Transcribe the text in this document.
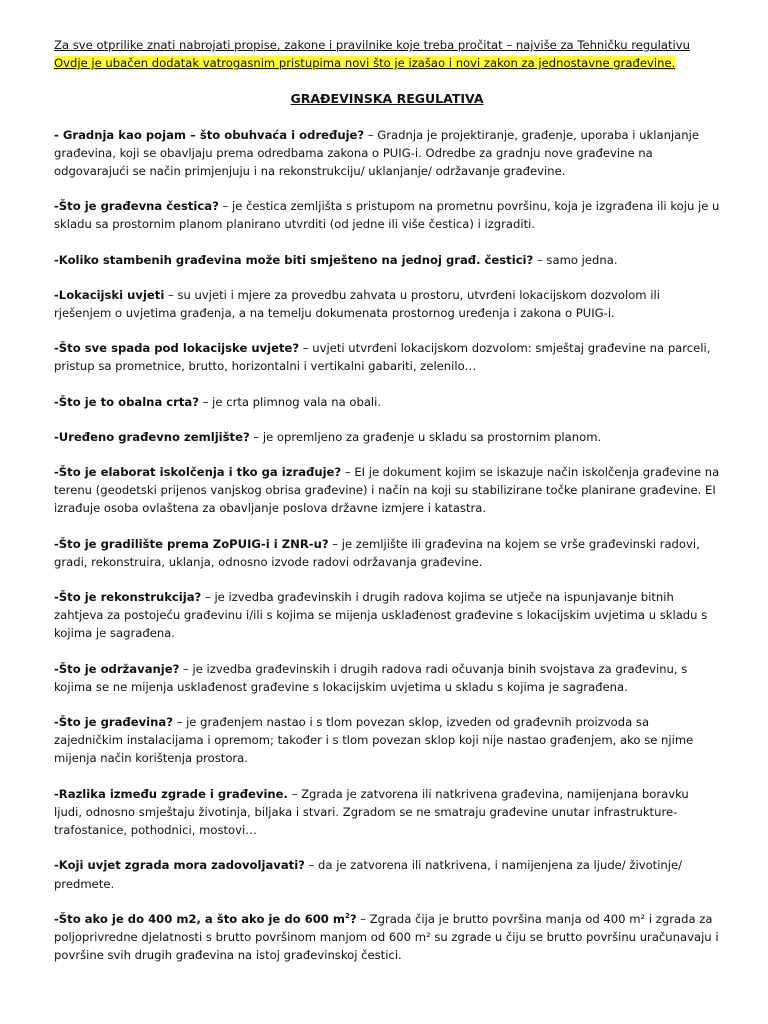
Za sve otprilike znati nabrojati propise, zakone i pravilnike koje treba pročitat – najviše za Tehničku regulativu
Ovdje je ubačen dodatak vatrogasnim pristupima novi što je izašao i novi zakon za jednostavne građevine.
GRAĐEVINSKA REGULATIVA

- Gradnja kao pojam – što obuhvaća i određuje? – Gradnja je projektiranje, građenje, uporaba i uklanjanje građevina, koji se obavljaju prema odredbama zakona o PUIG-i. Odredbe za gradnju nove građevine na odgovarajući se način primjenjuju i na rekonstrukciju/ uklanjanje/ održavanje građevine.

-Što je građevna čestica? – je čestica zemljišta s pristupom na prometnu površinu, koja je izgrađena ili koju je u skladu sa prostornim planom planirano utvrditi (od jedne ili više čestica) i izgraditi.

-Koliko stambenih građevina može biti smješteno na jednoj građ. čestici? – samo jedna.

-Lokacijski uvjeti – su uvjeti i mjere za provedbu zahvata u prostoru, utvrđeni lokacijskom dozvolom ili rješenjem o uvjetima građenja, a na temelju dokumenata prostornog uređenja i zakona o PUIG-i.

-Što sve spada pod lokacijske uvjete? – uvjeti utvrđeni lokacijskom dozvolom: smještaj građevine na parceli, pristup sa prometnice, brutto, horizontalni i vertikalni gabariti, zelenilo…

-Što je to obalna crta? – je crta plimnog vala na obali.

-Uređeno građevno zemljište? – je opremljeno za građenje u skladu sa prostornim planom.

-Što je elaborat iskolčenja i tko ga izrađuje? – EI je dokument kojim se iskazuje način iskolčenja građevine na terenu (geodetski prijenos vanjskog obrisa građevine) i način na koji su stabilizirane točke planirane građevine. EI izrađuje osoba ovlaštena za obavljanje poslova državne izmjere i katastra.

-Što je gradilište prema ZoPUIG-i i ZNR-u? – je zemljište ili građevina na kojem se vrše građevinski radovi, gradi, rekonstruira, uklanja, odnosno izvode radovi održavanja građevine.

-Što je rekonstrukcija? – je izvedba građevinskih i drugih radova kojima se utječe na ispunjavanje bitnih zahtjeva za postojeću građevinu i/ili s kojima se mijenja usklađenost građevine s lokacijskim uvjetima u skladu s kojima je sagrađena.

-Što je održavanje? – je izvedba građevinskih i drugih radova radi očuvanja binih svojstava za građevinu, s kojima se ne mijenja usklađenost građevine s lokacijskim uvjetima u skladu s kojima je sagrađena.

-Što je građevina? – je građenjem nastao i s tlom povezan sklop, izveden od građevnih proizvoda sa zajedničkim instalacijama i opremom; također i s tlom povezan sklop koji nije nastao građenjem, ako se njime mijenja način korištenja prostora.

-Razlika između zgrade i građevine. – Zgrada je zatvorena ili natkrivena građevina, namijenjana boravku ljudi, odnosno smještaju životinja, biljaka i stvari. Zgradom se ne smatraju građevine unutar infrastrukture- trafostanice, pothodnici, mostovi…

-Koji uvjet zgrada mora zadovoljavati? – da je zatvorena ili natkrivena, i namijenjena za ljude/ životinje/ predmete.

-Što ako je do 400 m2, a što ako je do 600 $m^2$? – Zgrada čija je brutto površina manja od 400 m² i zgrada za poljoprivredne djelatnosti s brutto površinom manjom od 600 m² su zgrade u čiju se brutto površinu uračunavaju i površine svih drugih građevina na istoj građevinskoj čestici.
